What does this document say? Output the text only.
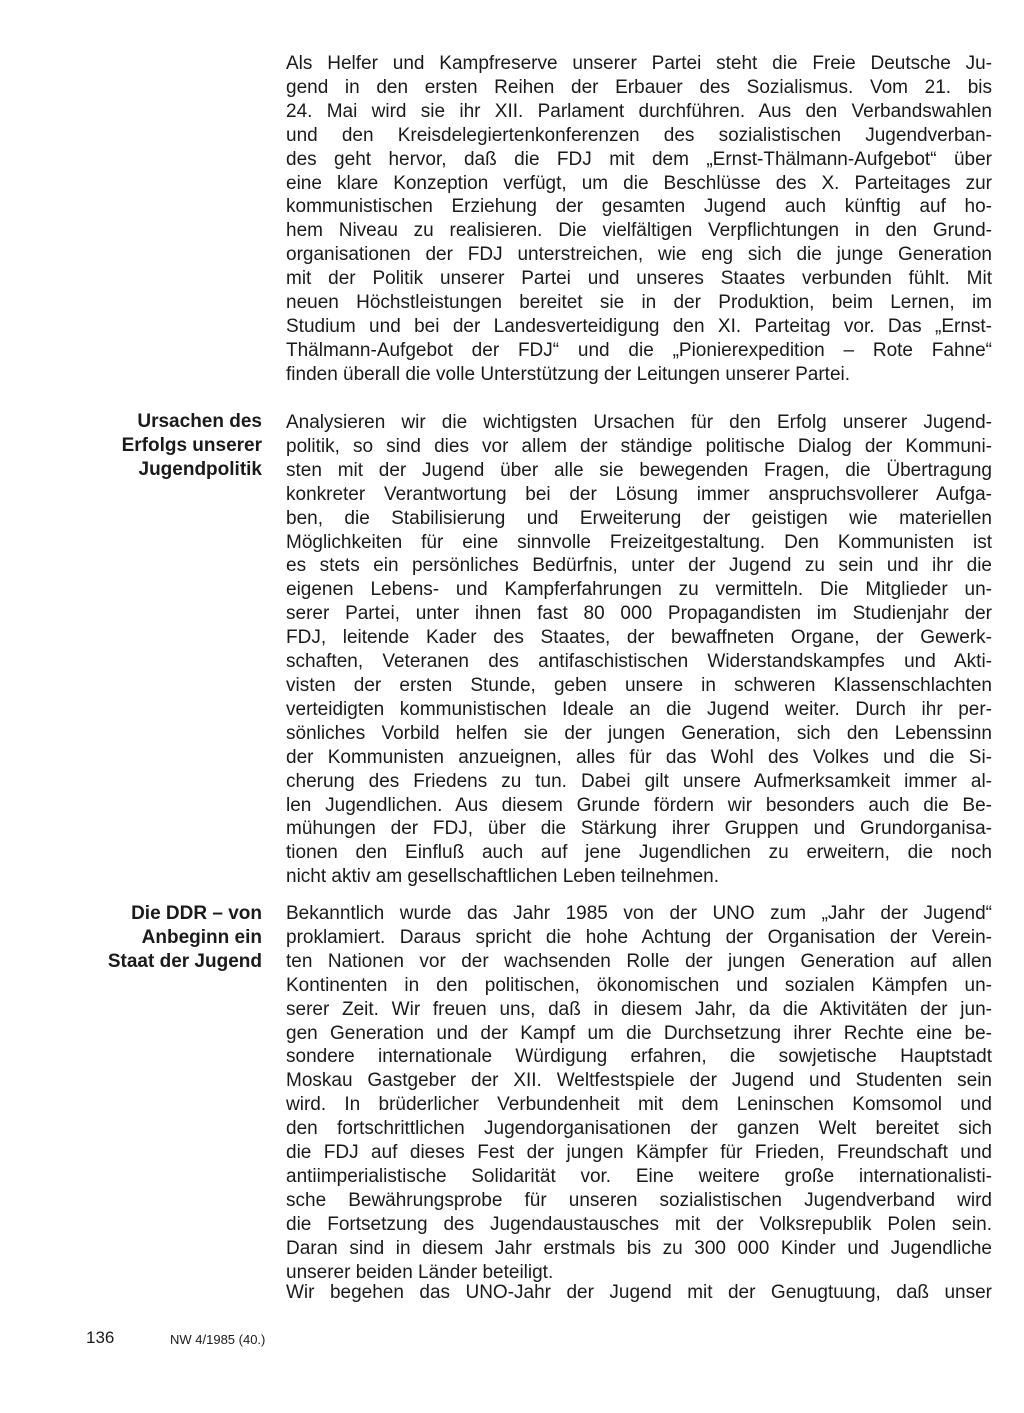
Als Helfer und Kampfreserve unserer Partei steht die Freie Deutsche Ju-
gend in den ersten Reihen der Erbauer des Sozialismus. Vom 21. bis
24. Mai wird sie ihr XII. Parlament durchführen. Aus den Verbandswahlen
und den Kreisdelegiertenkonferenzen des sozialistischen Jugendverban-
des geht hervor, daß die FDJ mit dem „Ernst-Thälmann-Aufgebot“ über
eine klare Konzeption verfügt, um die Beschlüsse des X. Parteitages zur
kommunistischen Erziehung der gesamten Jugend auch künftig auf ho-
hem Niveau zu realisieren. Die vielfältigen Verpflichtungen in den Grund-
organisationen der FDJ unterstreichen, wie eng sich die junge Generation
mit der Politik unserer Partei und unseres Staates verbunden fühlt. Mit
neuen Höchstleistungen bereitet sie in der Produktion, beim Lernen, im
Studium und bei der Landesverteidigung den XI. Parteitag vor. Das „Ernst-
Thälmann-Aufgebot der FDJ“ und die „Pionierexpedition – Rote Fahne“
finden überall die volle Unterstützung der Leitungen unserer Partei.

Ursachen des
Erfolgs unserer
Jugendpolitik

Analysieren wir die wichtigsten Ursachen für den Erfolg unserer Jugend-
politik, so sind dies vor allem der ständige politische Dialog der Kommuni-
sten mit der Jugend über alle sie bewegenden Fragen, die Übertragung
konkreter Verantwortung bei der Lösung immer anspruchsvollerer Aufga-
ben, die Stabilisierung und Erweiterung der geistigen wie materiellen
Möglichkeiten für eine sinnvolle Freizeitgestaltung. Den Kommunisten ist
es stets ein persönliches Bedürfnis, unter der Jugend zu sein und ihr die
eigenen Lebens- und Kampferfahrungen zu vermitteln. Die Mitglieder un-
serer Partei, unter ihnen fast 80 000 Propagandisten im Studienjahr der
FDJ, leitende Kader des Staates, der bewaffneten Organe, der Gewerk-
schaften, Veteranen des antifaschistischen Widerstandskampfes und Akti-
visten der ersten Stunde, geben unsere in schweren Klassenschlachten
verteidigten kommunistischen Ideale an die Jugend weiter. Durch ihr per-
sönliches Vorbild helfen sie der jungen Generation, sich den Lebenssinn
der Kommunisten anzueignen, alles für das Wohl des Volkes und die Si-
cherung des Friedens zu tun. Dabei gilt unsere Aufmerksamkeit immer al-
len Jugendlichen. Aus diesem Grunde fördern wir besonders auch die Be-
mühungen der FDJ, über die Stärkung ihrer Gruppen und Grundorganisa-
tionen den Einfluß auch auf jene Jugendlichen zu erweitern, die noch
nicht aktiv am gesellschaftlichen Leben teilnehmen.

Die DDR – von
Anbeginn ein
Staat der Jugend

Bekanntlich wurde das Jahr 1985 von der UNO zum „Jahr der Jugend“
proklamiert. Daraus spricht die hohe Achtung der Organisation der Verein-
ten Nationen vor der wachsenden Rolle der jungen Generation auf allen
Kontinenten in den politischen, ökonomischen und sozialen Kämpfen un-
serer Zeit. Wir freuen uns, daß in diesem Jahr, da die Aktivitäten der jun-
gen Generation und der Kampf um die Durchsetzung ihrer Rechte eine be-
sondere internationale Würdigung erfahren, die sowjetische Hauptstadt
Moskau Gastgeber der XII. Weltfestspiele der Jugend und Studenten sein
wird. In brüderlicher Verbundenheit mit dem Leninschen Komsomol und
den fortschrittlichen Jugendorganisationen der ganzen Welt bereitet sich
die FDJ auf dieses Fest der jungen Kämpfer für Frieden, Freundschaft und
antiimperialistische Solidarität vor. Eine weitere große internationalisti-
sche Bewährungsprobe für unseren sozialistischen Jugendverband wird
die Fortsetzung des Jugendaustausches mit der Volksrepublik Polen sein.
Daran sind in diesem Jahr erstmals bis zu 300 000 Kinder und Jugendliche
unserer beiden Länder beteiligt.

Wir begehen das UNO-Jahr der Jugend mit der Genugtuung, daß unser

136	NW 4/1985 (40.)
